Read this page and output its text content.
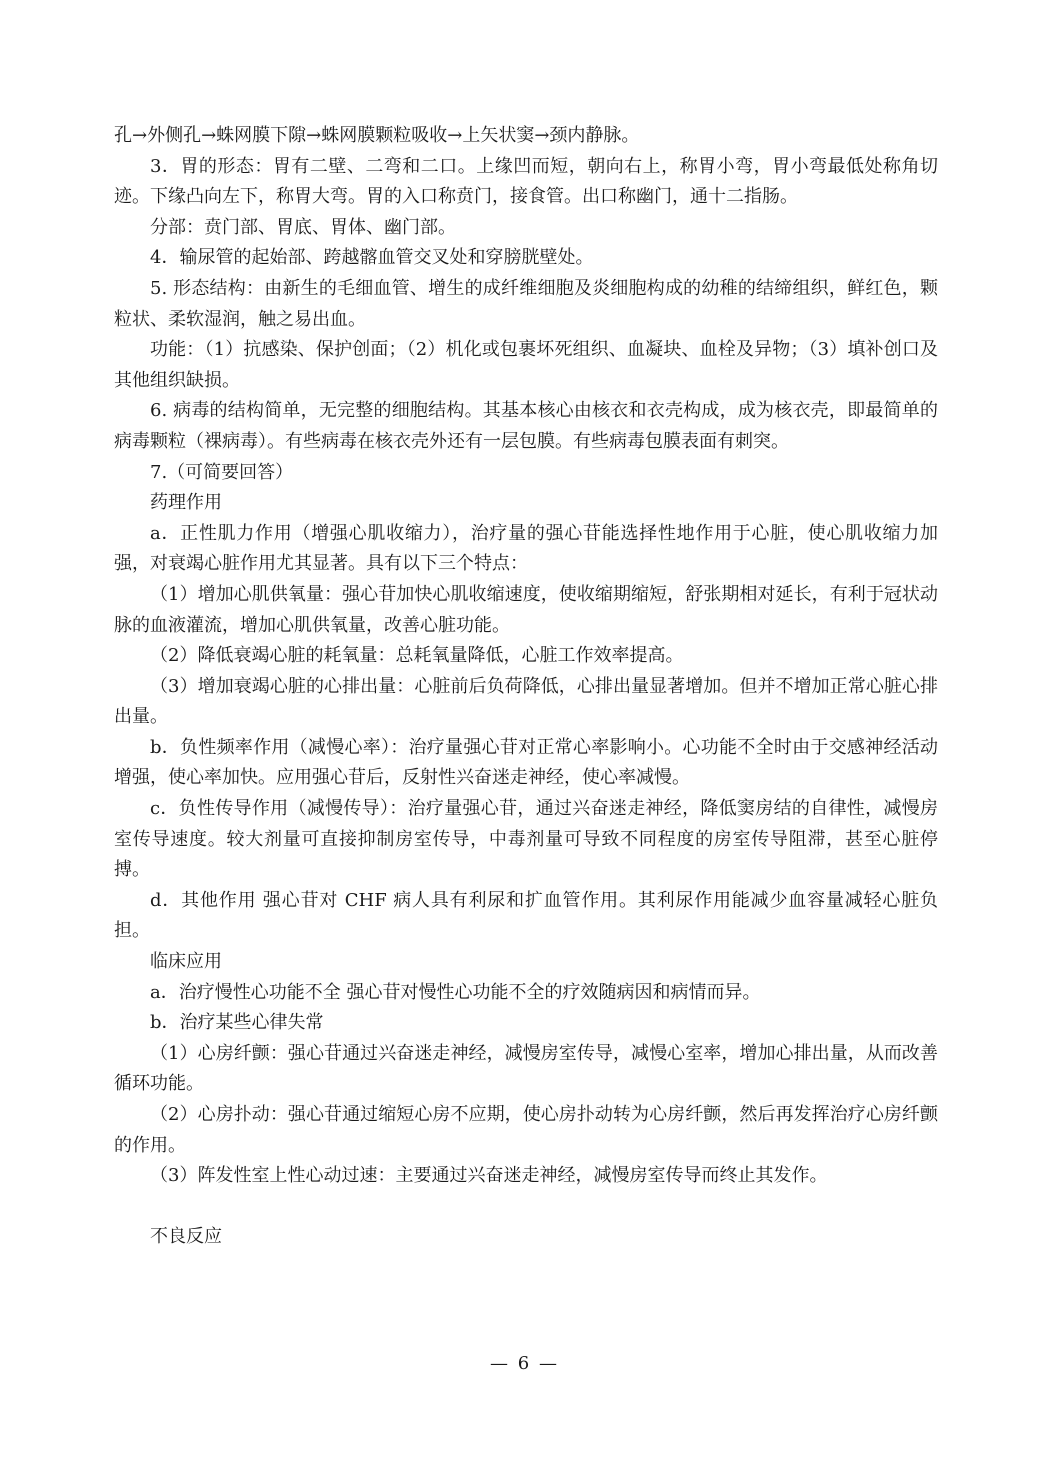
孔→外侧孔→蛛网膜下隙→蛛网膜颗粒吸收→上矢状窦→颈内静脉。

3．胃的形态：胃有二壁、二弯和二口。上缘凹而短，朝向右上，称胃小弯，胃小弯最低处称角切迹。下缘凸向左下，称胃大弯。胃的入口称贲门，接食管。出口称幽门，通十二指肠。

分部：贲门部、胃底、胃体、幽门部。

4．输尿管的起始部、跨越髂血管交叉处和穿膀胱壁处。

5. 形态结构：由新生的毛细血管、增生的成纤维细胞及炎细胞构成的幼稚的结缔组织，鲜红色，颗粒状、柔软湿润，触之易出血。

功能：（1）抗感染、保护创面；（2）机化或包裹坏死组织、血凝块、血栓及异物；（3）填补创口及其他组织缺损。

6. 病毒的结构简单，无完整的细胞结构。其基本核心由核衣和衣壳构成，成为核衣壳，即最简单的病毒颗粒（裸病毒）。有些病毒在核衣壳外还有一层包膜。有些病毒包膜表面有刺突。

7.（可简要回答）

药理作用

a．正性肌力作用（增强心肌收缩力），治疗量的强心苷能选择性地作用于心脏，使心肌收缩力加强，对衰竭心脏作用尤其显著。具有以下三个特点：

（1）增加心肌供氧量：强心苷加快心肌收缩速度，使收缩期缩短，舒张期相对延长，有利于冠状动脉的血液灌流，增加心肌供氧量，改善心脏功能。

（2）降低衰竭心脏的耗氧量：总耗氧量降低，心脏工作效率提高。

（3）增加衰竭心脏的心排出量：心脏前后负荷降低，心排出量显著增加。但并不增加正常心脏心排出量。

b．负性频率作用（减慢心率）：治疗量强心苷对正常心率影响小。心功能不全时由于交感神经活动增强，使心率加快。应用强心苷后，反射性兴奋迷走神经，使心率减慢。

c．负性传导作用（减慢传导）：治疗量强心苷，通过兴奋迷走神经，降低窦房结的自律性，减慢房室传导速度。较大剂量可直接抑制房室传导，中毒剂量可导致不同程度的房室传导阻滞，甚至心脏停搏。

d．其他作用 强心苷对 CHF 病人具有利尿和扩血管作用。其利尿作用能减少血容量减轻心脏负担。

临床应用

a．治疗慢性心功能不全 强心苷对慢性心功能不全的疗效随病因和病情而异。

b．治疗某些心律失常

（1）心房纤颤：强心苷通过兴奋迷走神经，减慢房室传导，减慢心室率，增加心排出量，从而改善循环功能。

（2）心房扑动：强心苷通过缩短心房不应期，使心房扑动转为心房纤颤，然后再发挥治疗心房纤颤的作用。

（3）阵发性室上性心动过速：主要通过兴奋迷走神经，减慢房室传导而终止其发作。

不良反应

— 6 —
